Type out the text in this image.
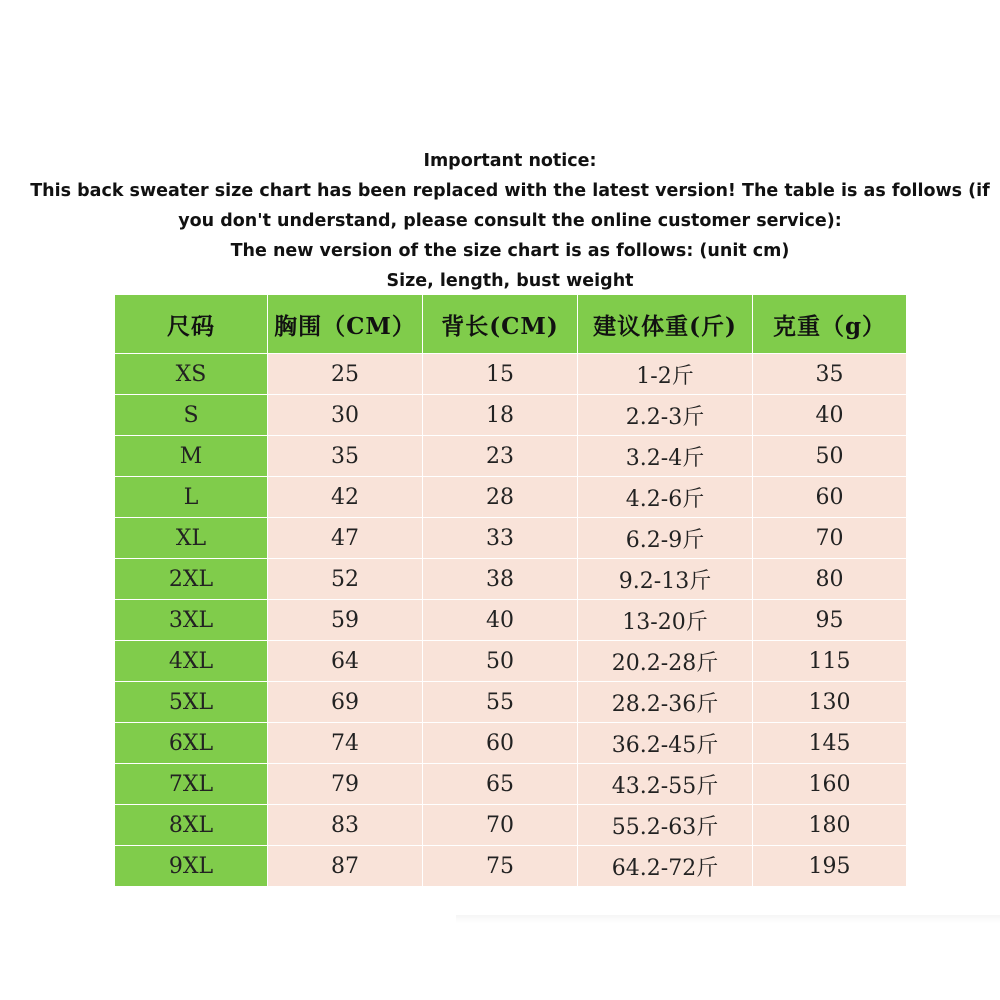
Important notice:
This back sweater size chart has been replaced with the latest version! The table is as follows (if you don't understand, please consult the online customer service):
The new version of the size chart is as follows: (unit cm)
Size, length, bust weight
尺码	胸围（CM）	背长(CM)	建议体重(斤)	克重（g）
XS	25	15	1-2斤	35
S	30	18	2.2-3斤	40
M	35	23	3.2-4斤	50
L	42	28	4.2-6斤	60
XL	47	33	6.2-9斤	70
2XL	52	38	9.2-13斤	80
3XL	59	40	13-20斤	95
4XL	64	50	20.2-28斤	115
5XL	69	55	28.2-36斤	130
6XL	74	60	36.2-45斤	145
7XL	79	65	43.2-55斤	160
8XL	83	70	55.2-63斤	180
9XL	87	75	64.2-72斤	195
